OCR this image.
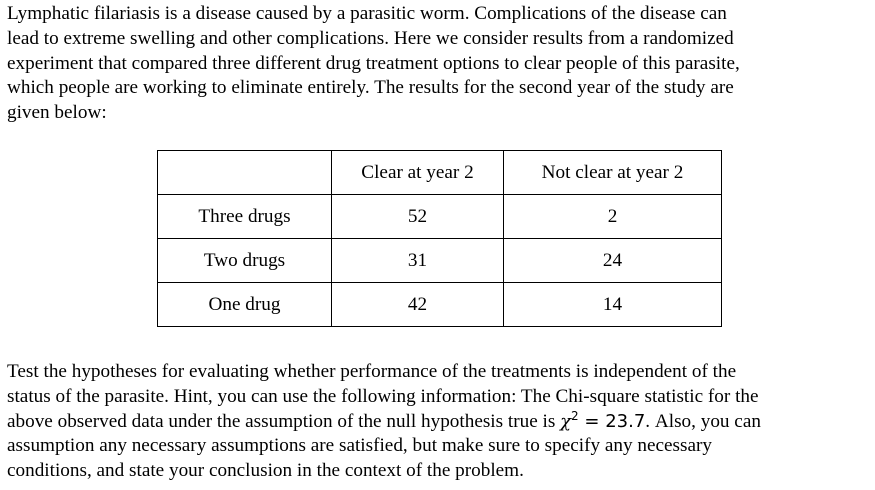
Lymphatic filariasis is a disease caused by a parasitic worm. Complications of the disease can
lead to extreme swelling and other complications. Here we consider results from a randomized
experiment that compared three different drug treatment options to clear people of this parasite,
which people are working to eliminate entirely. The results for the second year of the study are
given below:
	Clear at year 2	Not clear at year 2
Three drugs	52	2
Two drugs	31	24
One drug	42	14
Test the hypotheses for evaluating whether performance of the treatments is independent of the
status of the parasite. Hint, you can use the following information: The Chi-square statistic for the
above observed data under the assumption of the null hypothesis true is $\chi^2 = 23.7$. Also, you can
assumption any necessary assumptions are satisfied, but make sure to specify any necessary
conditions, and state your conclusion in the context of the problem.
